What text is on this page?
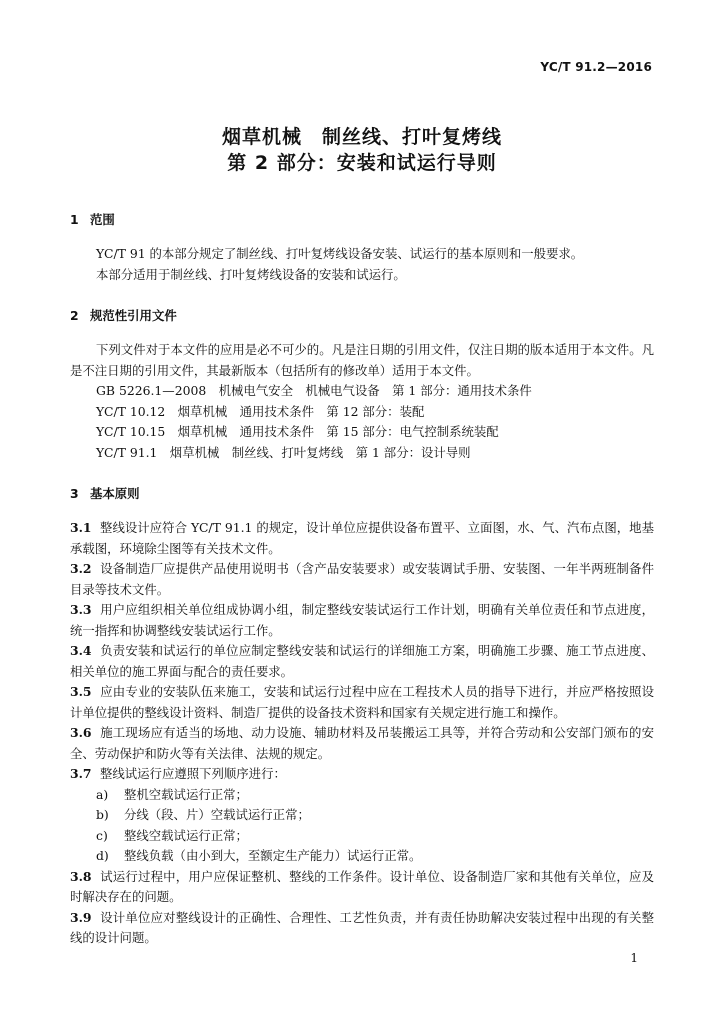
YC/T 91.2—2016
烟草机械　制丝线、打叶复烤线
第 2 部分：安装和试运行导则
1 范围
YC/T 91 的本部分规定了制丝线、打叶复烤线设备安装、试运行的基本原则和一般要求。
本部分适用于制丝线、打叶复烤线设备的安装和试运行。
2 规范性引用文件
下列文件对于本文件的应用是必不可少的。凡是注日期的引用文件，仅注日期的版本适用于本文件。凡是不注日期的引用文件，其最新版本（包括所有的修改单）适用于本文件。
GB 5226.1—2008　机械电气安全　机械电气设备　第 1 部分：通用技术条件
YC/T 10.12　烟草机械　通用技术条件　第 12 部分：装配
YC/T 10.15　烟草机械　通用技术条件　第 15 部分：电气控制系统装配
YC/T 91.1　烟草机械　制丝线、打叶复烤线　第 1 部分：设计导则
3 基本原则
3.1 整线设计应符合 YC/T 91.1 的规定，设计单位应提供设备布置平、立面图，水、气、汽布点图，地基承载图，环境除尘图等有关技术文件。
3.2 设备制造厂应提供产品使用说明书（含产品安装要求）或安装调试手册、安装图、一年半两班制备件目录等技术文件。
3.3 用户应组织相关单位组成协调小组，制定整线安装试运行工作计划，明确有关单位责任和节点进度，统一指挥和协调整线安装试运行工作。
3.4 负责安装和试运行的单位应制定整线安装和试运行的详细施工方案，明确施工步骤、施工节点进度、相关单位的施工界面与配合的责任要求。
3.5 应由专业的安装队伍来施工，安装和试运行过程中应在工程技术人员的指导下进行，并应严格按照设计单位提供的整线设计资料、制造厂提供的设备技术资料和国家有关规定进行施工和操作。
3.6 施工现场应有适当的场地、动力设施、辅助材料及吊装搬运工具等，并符合劳动和公安部门颁布的安全、劳动保护和防火等有关法律、法规的规定。
3.7 整线试运行应遵照下列顺序进行：
a) 整机空载试运行正常；
b) 分线（段、片）空载试运行正常；
c) 整线空载试运行正常；
d) 整线负载（由小到大，至额定生产能力）试运行正常。
3.8 试运行过程中，用户应保证整机、整线的工作条件。设计单位、设备制造厂家和其他有关单位，应及时解决存在的问题。
3.9 设计单位应对整线设计的正确性、合理性、工艺性负责，并有责任协助解决安装过程中出现的有关整线的设计问题。
1
